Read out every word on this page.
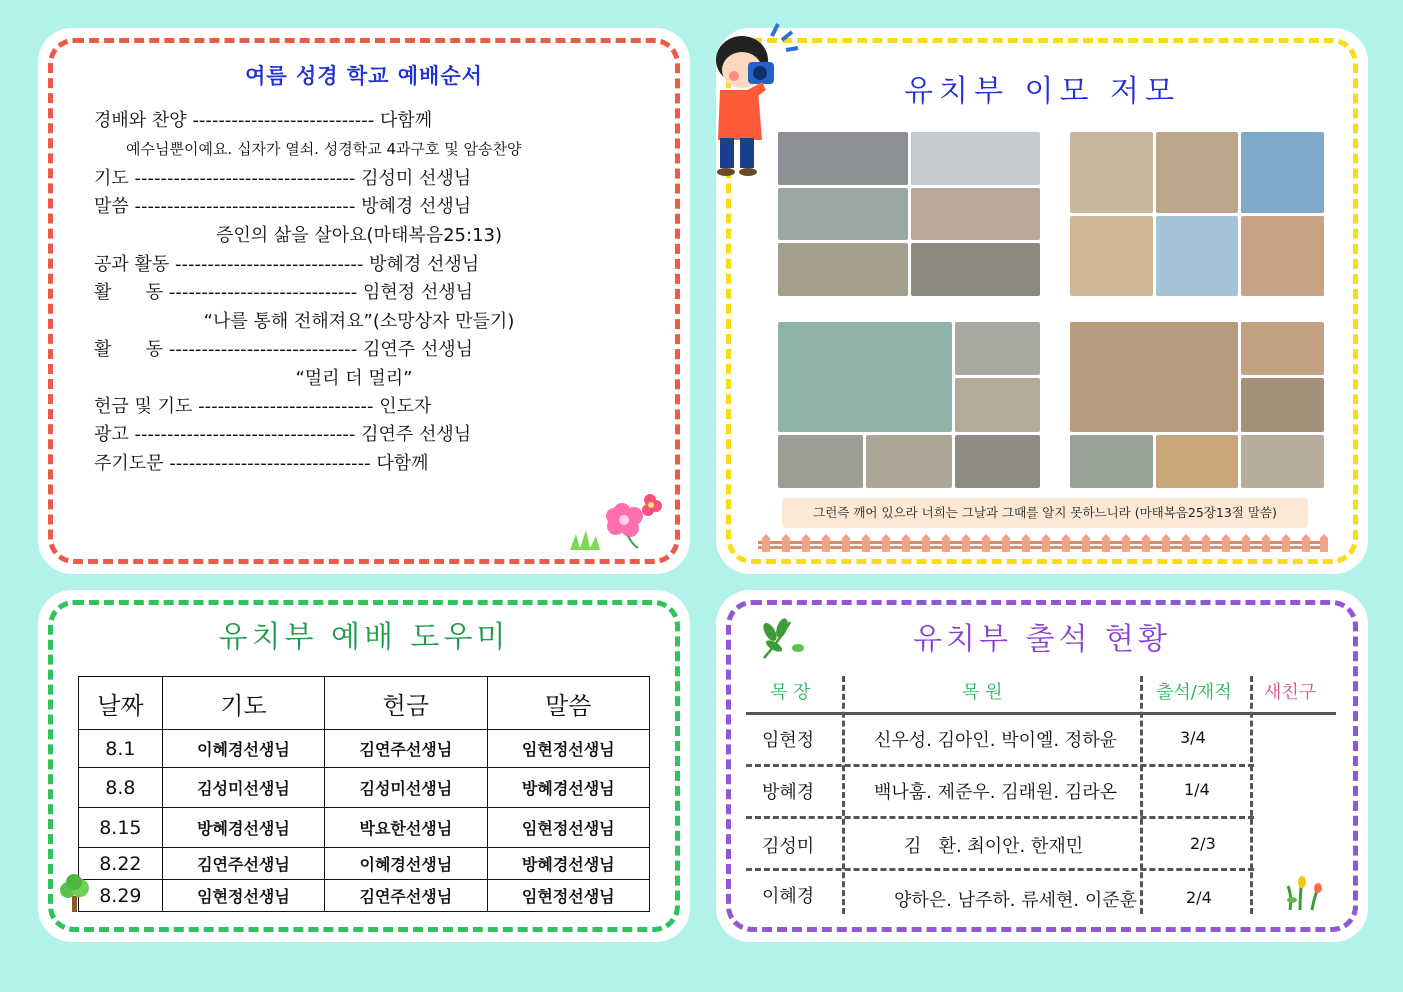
여름 성경 학교 예배순서
경배와 찬양 ---------------------------- 다함께
예수님뿐이예요. 십자가 열쇠. 성경학교 4과구호 및 암송찬양
기도 ---------------------------------- 김성미 선생님
말씀 ---------------------------------- 방혜경 선생님
증인의 삶을 살아요(마태복음25:13)
공과 활동 ----------------------------- 방혜경 선생님
활      동 ----------------------------- 임현정 선생님
“나를 통해 전해져요”(소망상자 만들기)
활      동 ----------------------------- 김연주 선생님
“멀리 더 멀리”
헌금 및 기도 --------------------------- 인도자
광고 ---------------------------------- 김연주 선생님
주기도문 ------------------------------- 다함께
유치부 이모 저모
그런즉 깨어 있으라 너희는 그날과 그때를 알지 못하느니라 (마태복음25장13절 말씀)
유치부 예배 도우미
날짜	기도	헌금	말씀
8.1	이혜경선생님	김연주선생님	임현정선생님
8.8	김성미선생님	김성미선생님	방혜경선생님
8.15	방혜경선생님	박요한선생님	임현정선생님
8.22	김연주선생님	이혜경선생님	방혜경선생님
8.29	임현정선생님	김연주선생님	임현정선생님
유치부 출석 현황
목 장	목 원	출석/재적 새친구
임현정	신우성. 김아인. 박이엘. 정하윤	3/4
방혜경	백나훔. 제준우. 김래원. 김라온	1/4
김성미	김   환. 최이안. 한재민	2/3
이혜경	양하은. 남주하. 류세현. 이준훈	2/4
